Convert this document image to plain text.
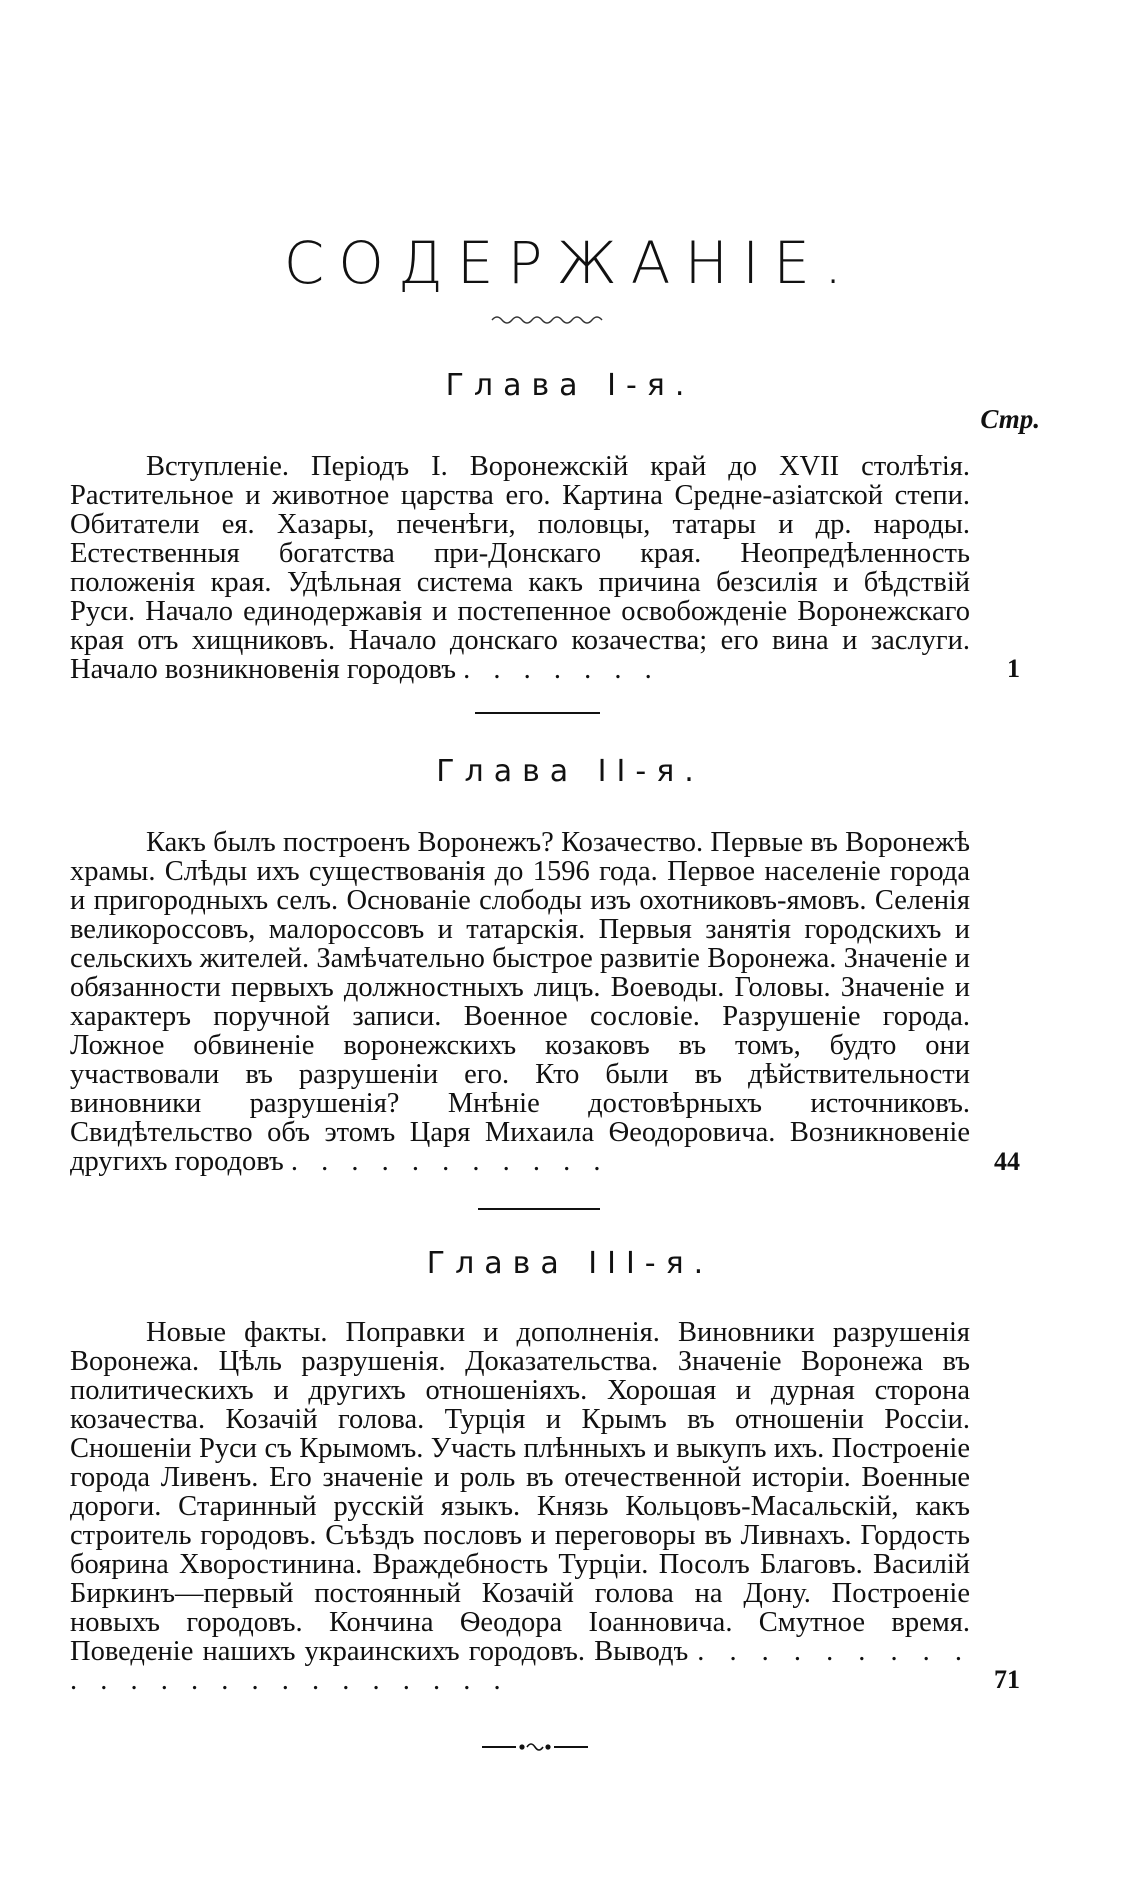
СОДЕРЖАНІЕ.
Стр.
Глава І-я.
Вступленіе. Періодъ I. Воронежскій край до XVII столѣтія. Растительное и животное царства его. Картина Средне-азіатской степи. Обитатели ея. Хазары, печенѣги, половцы, татары и др. народы. Естественныя богатства при-Донскаго края. Неопредѣленность положенія края. Удѣльная система какъ причина безсилія и бѣдствій Руси. Начало единодержавія и постепенное освобожденіе Воронежскаго края отъ хищниковъ. Начало донскаго козачества; его вина и заслуги. Начало возникновенія городовъ . . . . . . .	1
Глава ІІ-я.
Какъ былъ построенъ Воронежъ? Козачество. Первые въ Воронежѣ храмы. Слѣды ихъ существованія до 1596 года. Первое населеніе города и пригородныхъ селъ. Основаніе слободы изъ охотниковъ-ямовъ. Селенія великороссовъ, малороссовъ и татарскія. Первыя занятія городскихъ и сельскихъ жителей. Замѣчательно быстрое развитіе Воронежа. Значеніе и обязанности первыхъ должностныхъ лицъ. Воеводы. Головы. Значеніе и характеръ поручной записи. Военное сословіе. Разрушеніе города. Ложное обвиненіе воронежскихъ козаковъ въ томъ, будто они участвовали въ разрушеніи его. Кто были въ дѣйствительности виновники разрушенія? Мнѣніе достовѣрныхъ источниковъ. Свидѣтельство объ этомъ Царя Михаила Ѳеодоровича. Возникновеніе другихъ городовъ . . . . . . . . . . .	44
Глава ІІІ-я.
Новые факты. Поправки и дополненія. Виновники разрушенія Воронежа. Цѣль разрушенія. Доказательства. Значеніе Воронежа въ политическихъ и другихъ отношеніяхъ. Хорошая и дурная сторона козачества. Козачій голова. Турція и Крымъ въ отношеніи Россіи. Сношеніи Руси съ Крымомъ. Участь плѣнныхъ и выкупъ ихъ. Построеніе города Ливенъ. Его значеніе и роль въ отечественной исторіи. Военные дороги. Старинный русскій языкъ. Князь Кольцовъ-Масальскій, какъ строитель городовъ. Съѣздъ пословъ и переговоры въ Ливнахъ. Гордость боярина Хворостинина. Враждебность Турціи. Посолъ Благовъ. Василій Биркинъ—первый постоянный Козачій голова на Дону. Построеніе новыхъ городовъ. Кончина Ѳеодора Іоанновича. Смутное время. Поведеніе нашихъ украинскихъ городовъ. Выводъ . . . . . . . . . . . . . . . . . . . . . . . .	71
